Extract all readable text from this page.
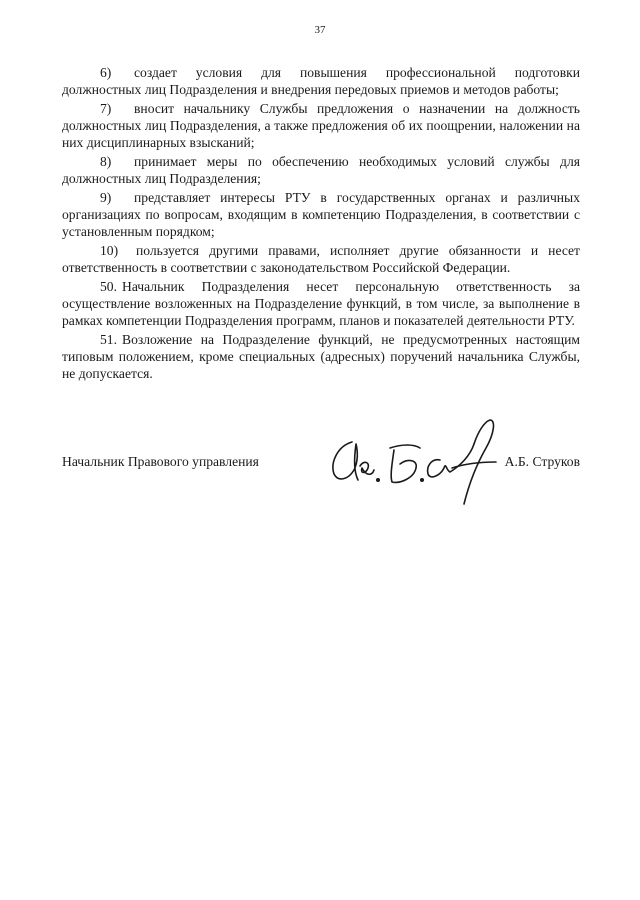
37

6) создает условия для повышения профессиональной подготовки должностных лиц Подразделения и внедрения передовых приемов и методов работы;

7) вносит начальнику Службы предложения о назначении на должность должностных лиц Подразделения, а также предложения об их поощрении, наложении на них дисциплинарных взысканий;

8) принимает меры по обеспечению необходимых условий службы для должностных лиц Подразделения;

9) представляет интересы РТУ в государственных органах и различных организациях по вопросам, входящим в компетенцию Подразделения, в соответствии с установленным порядком;

10) пользуется другими правами, исполняет другие обязанности и несет ответственность в соответствии с законодательством Российской Федерации.

50. Начальник Подразделения несет персональную ответственность за осуществление возложенных на Подразделение функций, в том числе, за выполнение в рамках компетенции Подразделения программ, планов и показателей деятельности РТУ.

51. Возложение на Подразделение функций, не предусмотренных настоящим типовым положением, кроме специальных (адресных) поручений начальника Службы, не допускается.

Начальник Правового управления	А.Б. Струков
